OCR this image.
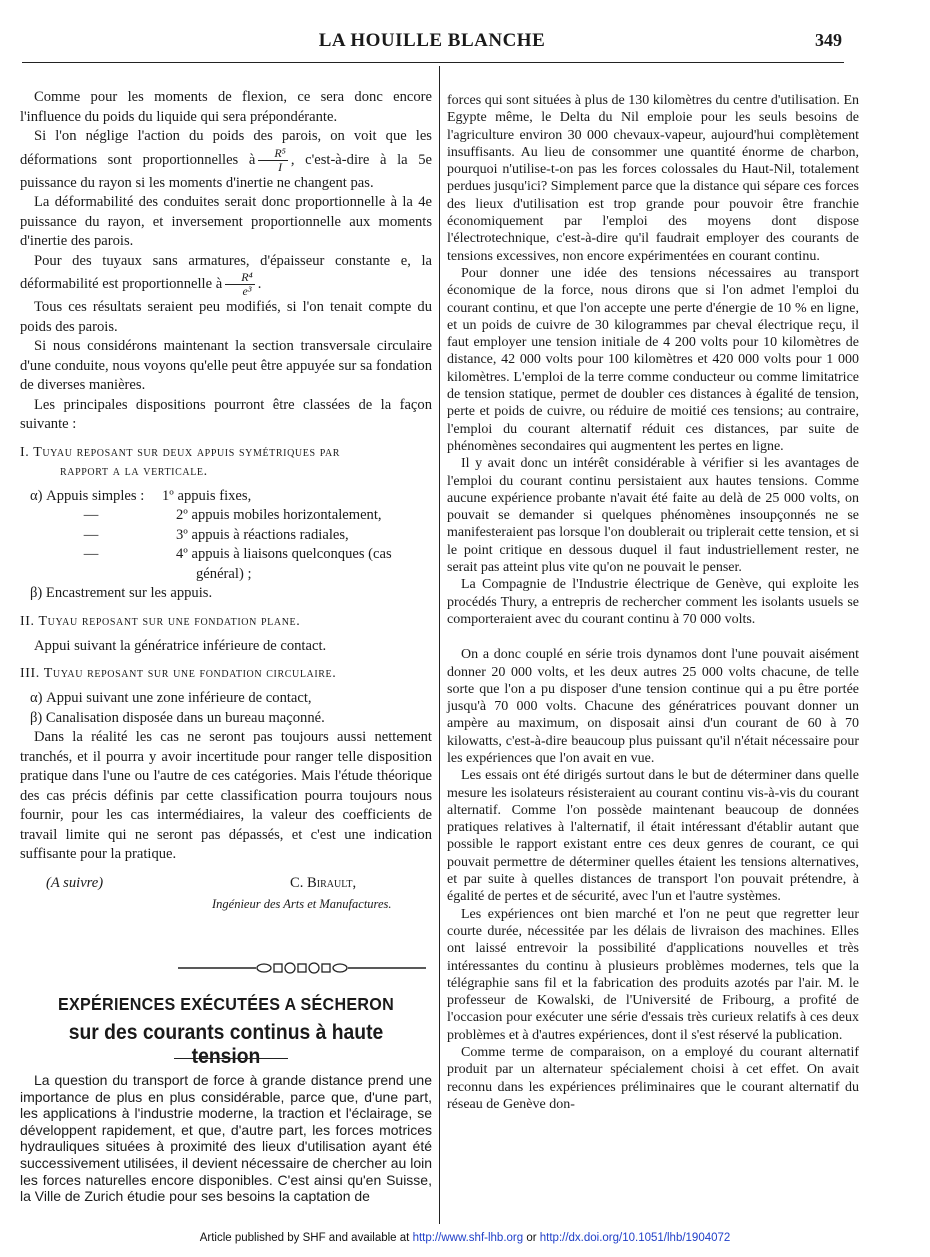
LA HOUILLE BLANCHE	349

Comme pour les moments de flexion, ce sera donc encore l'influence du poids du liquide qui sera prépondérante.

Si l'on néglige l'action du poids des parois, on voit que les déformations sont proportionnelles à $\frac{\text{R⁵}}{I}$ , c'est-à-dire à la 5e puissance du rayon si les moments d'inertie ne changent pas.

La déformabilité des conduites serait donc proportionnelle à la 4e puissance du rayon, et inversement proportionnelle aux moments d'inertie des parois.

Pour des tuyaux sans armatures, d'épaisseur constante e, la déformabilité est proportionnelle à $\frac{\text{R⁴}}{\text{e³}}$ .

Tous ces résultats seraient peu modifiés, si l'on tenait compte du poids des parois.

Si nous considérons maintenant la section transversale circulaire d'une conduite, nous voyons qu'elle peut être appuyée sur sa fondation de diverses manières.

Les principales dispositions pourront être classées de la façon suivante :

I. Tuyau reposant sur deux appuis symétriques par
rapport a la verticale.
α) Appuis simples :	1º appuis fixes,
—	2º appuis mobiles horizontalement,
—	3º appuis à réactions radiales,
—	4º appuis à liaisons quelconques (cas
général) ;
β) Encastrement sur les appuis.
II. Tuyau reposant sur une fondation plane.

Appui suivant la génératrice inférieure de contact.

III. Tuyau reposant sur une fondation circulaire.
α) Appui suivant une zone inférieure de contact,
β) Canalisation disposée dans un bureau maçonné.

Dans la réalité les cas ne seront pas toujours aussi nettement tranchés, et il pourra y avoir incertitude pour ranger telle disposition pratique dans l'une ou l'autre de ces catégories. Mais l'étude théorique des cas précis définis par cette classification pourra toujours nous fournir, pour les cas intermédiaires, la valeur des coefficients de travail limite qui ne seront pas dépassés, et c'est une indication suffisante pour la pratique.

(A suivre)	C. Birault,
Ingénieur des Arts et Manufactures.
EXPÉRIENCES EXÉCUTÉES A SÉCHERON
sur des courants continus à haute tension

La question du transport de force à grande distance prend une importance de plus en plus considérable, parce que, d'une part, les applications à l'industrie moderne, la traction et l'éclairage, se développent rapidement, et que, d'autre part, les forces motrices hydrauliques situées à proximité des lieux d'utilisation ayant été successivement utilisées, il devient nécessaire de chercher au loin les forces naturelles encore disponibles. C'est ainsi qu'en Suisse, la Ville de Zurich étudie pour ses besoins la captation de

forces qui sont situées à plus de 130 kilomètres du centre d'utilisation. En Egypte même, le Delta du Nil emploie pour les seuls besoins de l'agriculture environ 30 000 chevaux-vapeur, aujourd'hui complètement insuffisants. Au lieu de consommer une quantité énorme de charbon, pourquoi n'utilise-t-on pas les forces colossales du Haut-Nil, totalement perdues jusqu'ici? Simplement parce que la distance qui sépare ces forces des lieux d'utilisation est trop grande pour pouvoir être franchie économiquement par l'emploi des moyens dont dispose l'électrotechnique, c'est-à-dire qu'il faudrait employer des courants de tensions excessives, non encore expérimentées en courant continu.

Pour donner une idée des tensions nécessaires au transport économique de la force, nous dirons que si l'on admet l'emploi du courant continu, et que l'on accepte une perte d'énergie de 10 % en ligne, et un poids de cuivre de 30 kilogrammes par cheval électrique reçu, il faut employer une tension initiale de 4 200 volts pour 10 kilomètres de distance, 42 000 volts pour 100 kilomètres et 420 000 volts pour 1 000 kilomètres. L'emploi de la terre comme conducteur ou comme limitatrice de tension statique, permet de doubler ces distances à égalité de tension, perte et poids de cuivre, ou réduire de moitié ces tensions; au contraire, l'emploi du courant alternatif réduit ces distances, par suite de phénomènes secondaires qui augmentent les pertes en ligne.

Il y avait donc un intérêt considérable à vérifier si les avantages de l'emploi du courant continu persistaient aux hautes tensions. Comme aucune expérience probante n'avait été faite au delà de 25 000 volts, on pouvait se demander si quelques phénomènes insoupçonnés ne se manifesteraient pas lorsque l'on doublerait ou triplerait cette tension, et si le point critique en dessous duquel il faut industriellement rester, ne serait pas atteint plus vite qu'on ne pouvait le penser.

La Compagnie de l'Industrie électrique de Genève, qui exploite les procédés Thury, a entrepris de rechercher comment les isolants usuels se comporteraient avec du courant continu à 70 000 volts.

On a donc couplé en série trois dynamos dont l'une pouvait aisément donner 20 000 volts, et les deux autres 25 000 volts chacune, de telle sorte que l'on a pu disposer d'une tension continue qui a pu être portée jusqu'à 70 000 volts. Chacune des génératrices pouvant donner un ampère au maximum, on disposait ainsi d'un courant de 60 à 70 kilowatts, c'est-à-dire beaucoup plus puissant qu'il n'était nécessaire pour les expériences que l'on avait en vue.

Les essais ont été dirigés surtout dans le but de déterminer dans quelle mesure les isolateurs résisteraient au courant continu vis-à-vis du courant alternatif. Comme l'on possède maintenant beaucoup de données pratiques relatives à l'alternatif, il était intéressant d'établir autant que possible le rapport existant entre ces deux genres de courant, ce qui pouvait permettre de déterminer quelles étaient les tensions alternatives, et par suite à quelles distances de transport l'on pouvait prétendre, à égalité de pertes et de sécurité, avec l'un et l'autre systèmes.

Les expériences ont bien marché et l'on ne peut que regretter leur courte durée, nécessitée par les délais de livraison des machines. Elles ont laissé entrevoir la possibilité d'applications nouvelles et très intéressantes du continu à plusieurs problèmes modernes, tels que la télégraphie sans fil et la fabrication des produits azotés par l'air. M. le professeur de Kowalski, de l'Université de Fribourg, a profité de l'occasion pour exécuter une série d'essais très curieux relatifs à ces deux problèmes et à d'autres expériences, dont il s'est réservé la publication.

Comme terme de comparaison, on a employé du courant alternatif produit par un alternateur spécialement choisi à cet effet. On avait reconnu dans les expériences préliminaires que le courant alternatif du réseau de Genève don-

Article published by SHF and available at http://www.shf-lhb.org or http://dx.doi.org/10.1051/lhb/1904072
